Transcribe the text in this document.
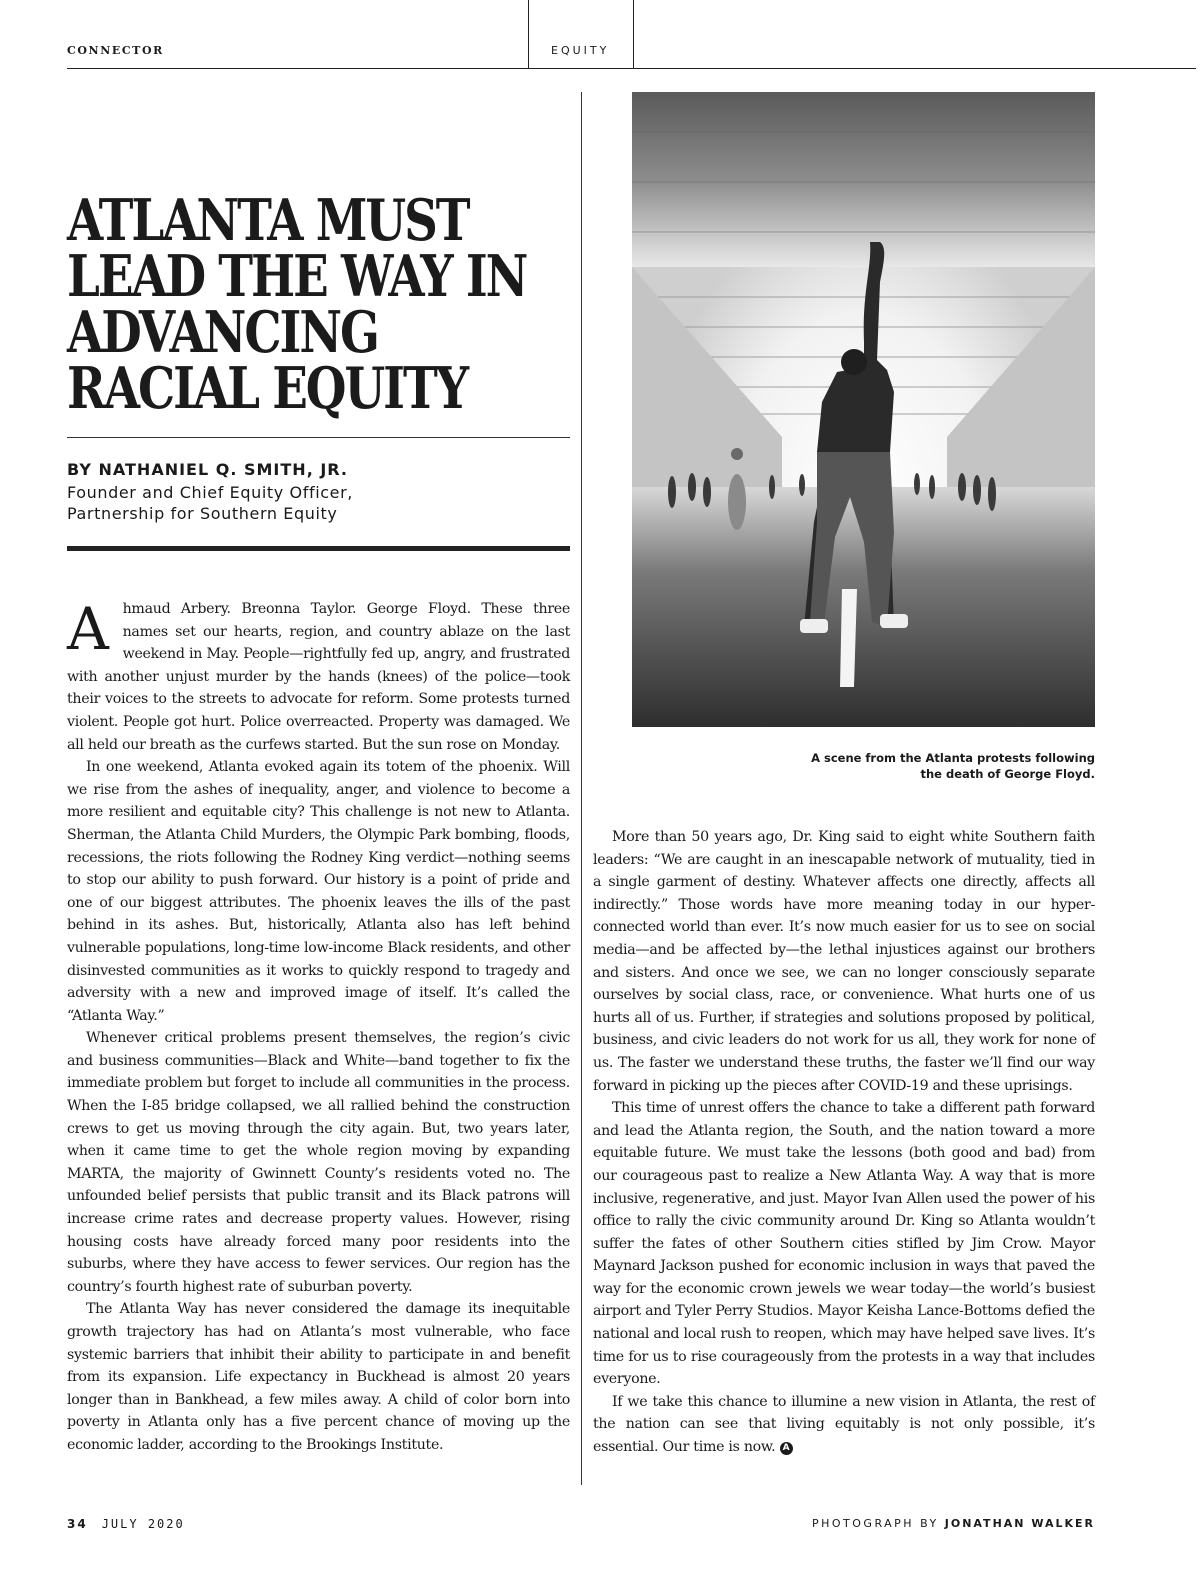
CONNECTOR	EQUITY
ATLANTA MUST LEAD THE WAY IN ADVANCING RACIAL EQUITY
BY NATHANIEL Q. SMITH, JR.
Founder and Chief Equity Officer,
Partnership for Southern Equity

Ahmaud Arbery. Breonna Taylor. George Floyd. These three names set our hearts, region, and country ablaze on the last weekend in May. People—rightfully fed up, angry, and frustrated with another unjust murder by the hands (knees) of the police—took their voices to the streets to advocate for reform. Some protests turned violent. People got hurt. Police overreacted. Property was damaged. We all held our breath as the curfews started. But the sun rose on Monday.

In one weekend, Atlanta evoked again its totem of the phoenix. Will we rise from the ashes of inequality, anger, and violence to become a more resilient and equitable city? This challenge is not new to Atlanta. Sherman, the Atlanta Child Murders, the Olympic Park bombing, floods, recessions, the riots following the Rodney King verdict—nothing seems to stop our ability to push forward. Our history is a point of pride and one of our biggest attributes. The phoenix leaves the ills of the past behind in its ashes. But, historically, Atlanta also has left behind vulnerable populations, long-time low-income Black residents, and other disinvested communities as it works to quickly respond to tragedy and adversity with a new and improved image of itself. It’s called the “Atlanta Way.”

Whenever critical problems present themselves, the region’s civic and business communities—Black and White—band together to fix the immediate problem but forget to include all communities in the process. When the I-85 bridge collapsed, we all rallied behind the construction crews to get us moving through the city again. But, two years later, when it came time to get the whole region moving by expanding MARTA, the majority of Gwinnett County’s residents voted no. The unfounded belief persists that public transit and its Black patrons will increase crime rates and decrease property values. However, rising housing costs have already forced many poor residents into the suburbs, where they have access to fewer services. Our region has the country’s fourth highest rate of suburban poverty.

The Atlanta Way has never considered the damage its inequitable growth trajectory has had on Atlanta’s most vulnerable, who face systemic barriers that inhibit their ability to participate in and benefit from its expansion. Life expectancy in Buckhead is almost 20 years longer than in Bankhead, a few miles away. A child of color born into poverty in Atlanta only has a five percent chance of moving up the economic ladder, according to the Brookings Institute.

A scene from the Atlanta protests following
the death of George Floyd.

More than 50 years ago, Dr. King said to eight white Southern faith leaders: “We are caught in an inescapable network of mutuality, tied in a single garment of destiny. Whatever affects one directly, affects all indirectly.” Those words have more meaning today in our hyper-connected world than ever. It’s now much easier for us to see on social media—and be affected by—the lethal injustices against our brothers and sisters. And once we see, we can no longer consciously separate ourselves by social class, race, or convenience. What hurts one of us hurts all of us. Further, if strategies and solutions proposed by political, business, and civic leaders do not work for us all, they work for none of us. The faster we understand these truths, the faster we’ll find our way forward in picking up the pieces after COVID-19 and these uprisings.

This time of unrest offers the chance to take a different path forward and lead the Atlanta region, the South, and the nation toward a more equitable future. We must take the lessons (both good and bad) from our courageous past to realize a New Atlanta Way. A way that is more inclusive, regenerative, and just. Mayor Ivan Allen used the power of his office to rally the civic community around Dr. King so Atlanta wouldn’t suffer the fates of other Southern cities stifled by Jim Crow. Mayor Maynard Jackson pushed for economic inclusion in ways that paved the way for the economic crown jewels we wear today—the world’s busiest airport and Tyler Perry Studios. Mayor Keisha Lance-Bottoms defied the national and local rush to reopen, which may have helped save lives. It’s time for us to rise courageously from the protests in a way that includes everyone.

If we take this chance to illumine a new vision in Atlanta, the rest of the nation can see that living equitably is not only possible, it’s essential. Our time is now. A

34 JULY 2020	PHOTOGRAPH BY JONATHAN WALKER
